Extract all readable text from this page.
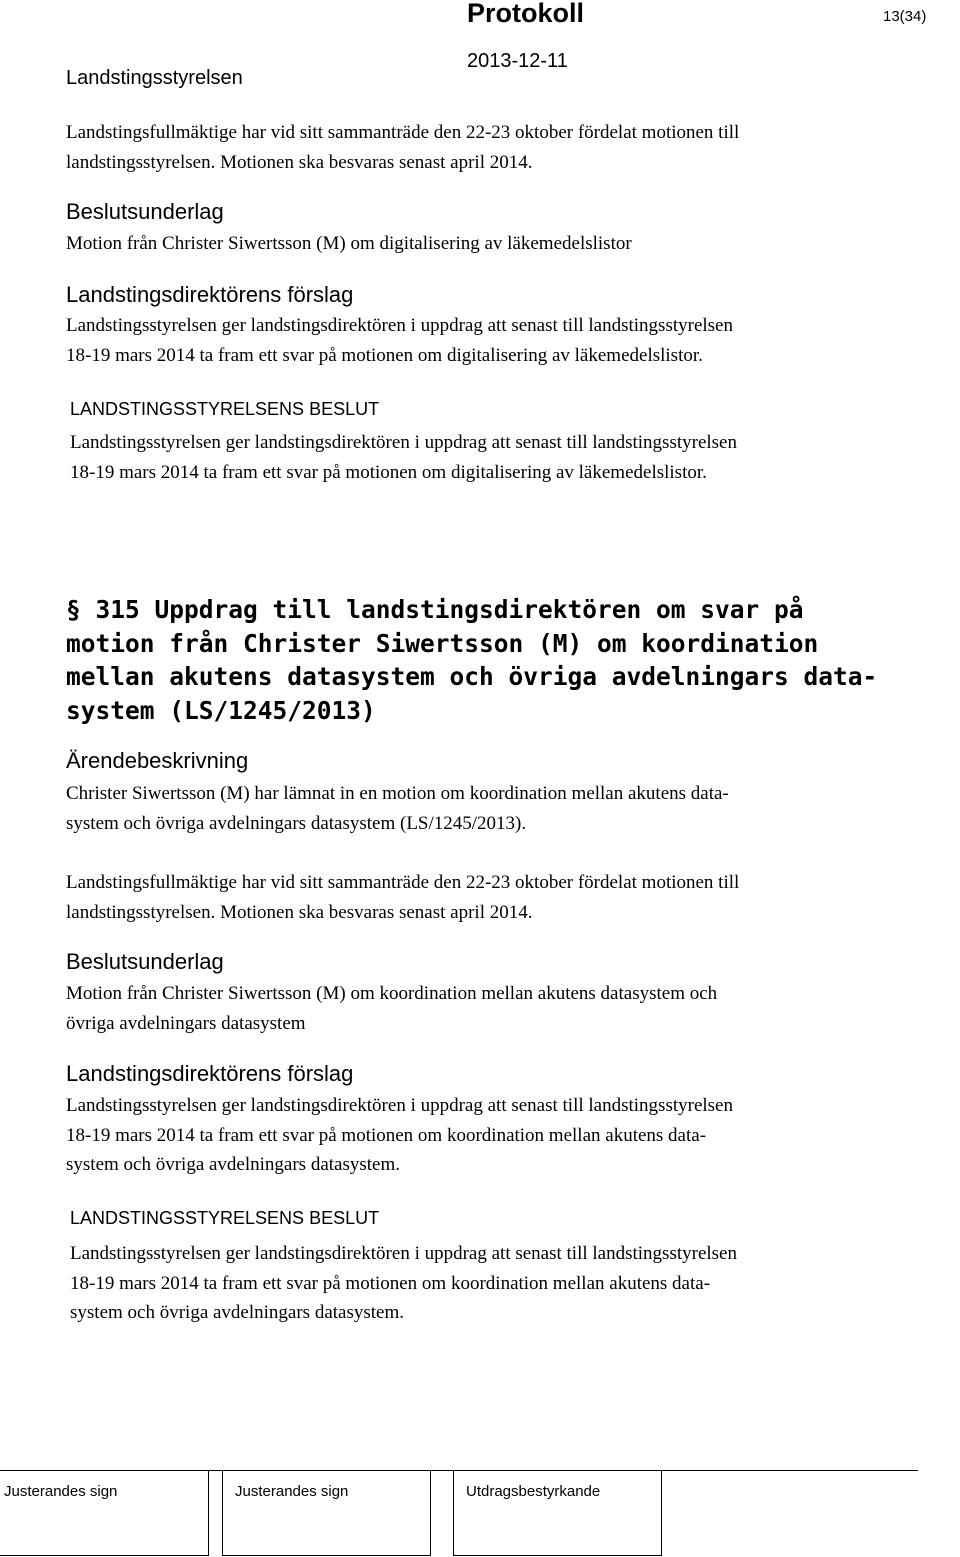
Protokoll	13(34)
Landstingsstyrelsen
2013-12-11
Landstingsfullmäktige har vid sitt sammanträde den 22-23 oktober fördelat motionen till
landstingsstyrelsen. Motionen ska besvaras senast april 2014.
Beslutsunderlag
Motion från Christer Siwertsson (M) om digitalisering av läkemedelslistor
Landstingsdirektörens förslag
Landstingsstyrelsen ger landstingsdirektören i uppdrag att senast till landstingsstyrelsen
18-19 mars 2014 ta fram ett svar på motionen om digitalisering av läkemedelslistor.
LANDSTINGSSTYRELSENS BESLUT
Landstingsstyrelsen ger landstingsdirektören i uppdrag att senast till landstingsstyrelsen
18-19 mars 2014 ta fram ett svar på motionen om digitalisering av läkemedelslistor.
§ 315 Uppdrag till landstingsdirektören om svar på
motion från Christer Siwertsson (M) om koordination
mellan akutens datasystem och övriga avdelningars data-
system (LS/1245/2013)
Ärendebeskrivning
Christer Siwertsson (M) har lämnat in en motion om koordination mellan akutens data-
system och övriga avdelningars datasystem (LS/1245/2013).
Landstingsfullmäktige har vid sitt sammanträde den 22-23 oktober fördelat motionen till
landstingsstyrelsen. Motionen ska besvaras senast april 2014.
Beslutsunderlag
Motion från Christer Siwertsson (M) om koordination mellan akutens datasystem och
övriga avdelningars datasystem
Landstingsdirektörens förslag
Landstingsstyrelsen ger landstingsdirektören i uppdrag att senast till landstingsstyrelsen
18-19 mars 2014 ta fram ett svar på motionen om koordination mellan akutens data-
system och övriga avdelningars datasystem.
LANDSTINGSSTYRELSENS BESLUT
Landstingsstyrelsen ger landstingsdirektören i uppdrag att senast till landstingsstyrelsen
18-19 mars 2014 ta fram ett svar på motionen om koordination mellan akutens data-
system och övriga avdelningars datasystem.
Justerandes sign	Justerandes sign	Utdragsbestyrkande
